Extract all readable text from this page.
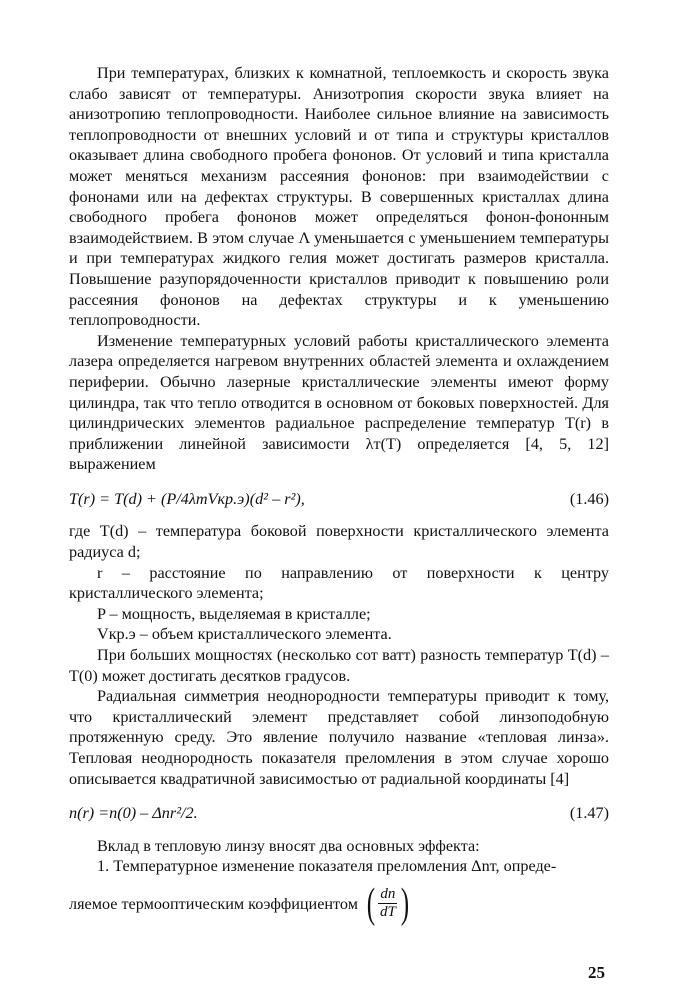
При температурах, близких к комнатной, теплоемкость и скорость звука слабо зависят от температуры. Анизотропия скорости звука влияет на анизотропию теплопроводности. Наиболее сильное влияние на зависимость теплопроводности от внешних условий и от типа и структуры кристаллов оказывает длина свободного пробега фононов. От условий и типа кристалла может меняться механизм рассеяния фононов: при взаимодействии с фононами или на дефектах структуры. В совершенных кристаллах длина свободного пробега фононов может определяться фонон-фононным взаимодействием. В этом случае Λ уменьшается с уменьшением температуры и при температурах жидкого гелия может достигать размеров кристалла. Повышение разупорядоченности кристаллов приводит к повышению роли рассеяния фононов на дефектах структуры и к уменьшению теплопроводности.

Изменение температурных условий работы кристаллического элемента лазера определяется нагревом внутренних областей элемента и охлаждением периферии. Обычно лазерные кристаллические элементы имеют форму цилиндра, так что тепло отводится в основном от боковых поверхностей. Для цилиндрических элементов радиальное распределение температур T(r) в приближении линейной зависимости λт(T) определяется [4, 5, 12] выражением

T(r) = T(d) + (P/4λтVкр.э)(d² – r²),	(1.46)

где T(d) – температура боковой поверхности кристаллического элемента радиуса d;

r – расстояние по направлению от поверхности к центру кристаллического элемента;

P – мощность, выделяемая в кристалле;

Vкр.э – объем кристаллического элемента.

При больших мощностях (несколько сот ватт) разность температур T(d) – T(0) может достигать десятков градусов.

Радиальная симметрия неоднородности температуры приводит к тому, что кристаллический элемент представляет собой линзоподобную протяженную среду. Это явление получило название «тепловая линза». Тепловая неоднородность показателя преломления в этом случае хорошо описывается квадратичной зависимостью от радиальной координаты [4]

n(r) =n(0) – Δnr²/2.	(1.47)

Вклад в тепловую линзу вносят два основных эффекта:

1. Температурное изменение показателя преломления Δnт, опреде-

ляемое термооптическим коэффициентом ( $\frac{dn}{dT}$ )
25
